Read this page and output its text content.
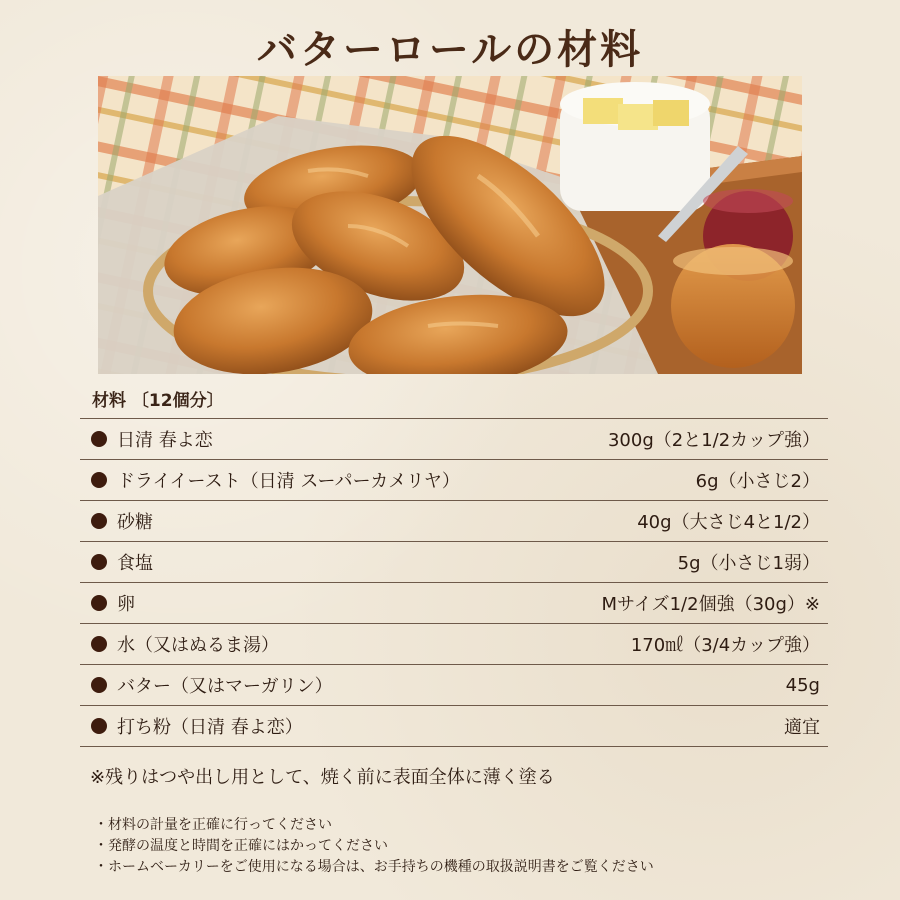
バターロールの材料
材料 〔12個分〕
日清 春よ恋	300g（2と1/2カップ強）
ドライイースト（日清 スーパーカメリヤ）	6g（小さじ2）
砂糖	40g（大さじ4と1/2）
食塩	5g（小さじ1弱）
卵	Mサイズ1/2個強（30g）※
水（又はぬるま湯）	170㎖（3/4カップ強）
バター（又はマーガリン）	45g
打ち粉（日清 春よ恋）	適宜
※残りはつや出し用として、焼く前に表面全体に薄く塗る
・材料の計量を正確に行ってください
・発酵の温度と時間を正確にはかってください
・ホームベーカリーをご使用になる場合は、お手持ちの機種の取扱説明書をご覧ください
